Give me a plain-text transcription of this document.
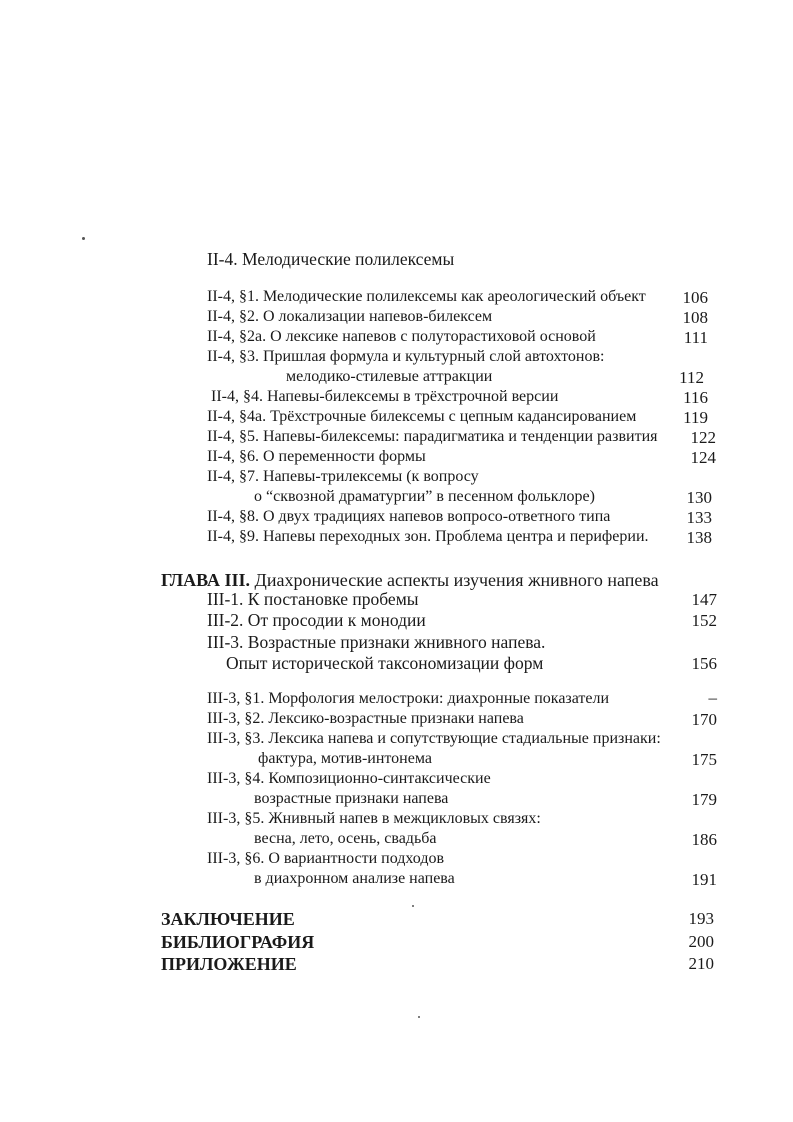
II-4. Мелодические полилексемы
II-4, §1. Мелодические полилексемы как ареологический объект	106
II-4, §2. О локализации напевов-билексем	108
II-4, §2а. О лексике напевов с полуторастиховой основой	111
II-4, §3. Пришлая формула и культурный слой автохтонов:
мелодико-стилевые аттракции	112
II-4, §4. Напевы-билексемы в трёхстрочной версии	116
II-4, §4а. Трёхстрочные билексемы с цепным кадансированием	119
II-4, §5. Напевы-билексемы: парадигматика и тенденции развития	122
II-4, §6. О переменности формы	124
II-4, §7. Напевы-трилексемы (к вопросу
о “сквозной драматургии” в песенном фольклоре)	130
II-4, §8. О двух традициях напевов вопросо-ответного типа	133
II-4, §9. Напевы переходных зон. Проблема центра и периферии.	138
ГЛАВА III. Диахронические аспекты изучения жнивного напева
III-1. К постановке пробемы	147
III-2. От просодии к монодии	152
III-3. Возрастные признаки жнивного напева.
Опыт исторической таксономизации форм	156
III-3, §1. Морфология мелостроки: диахронные показатели	–
III-3, §2. Лексико-возрастные признаки напева	170
III-3, §3. Лексика напева и сопутствующие стадиальные признаки:
фактура, мотив-интонема	175
III-3, §4. Композиционно-синтаксические
возрастные признаки напева	179
III-3, §5. Жнивный напев в межцикловых связях:
весна, лето, осень, свадьба	186
III-3, §6. О вариантности подходов
в диахронном анализе напева	191
ЗАКЛЮЧЕНИЕ	193
БИБЛИОГРАФИЯ	200
ПРИЛОЖЕНИЕ	210
